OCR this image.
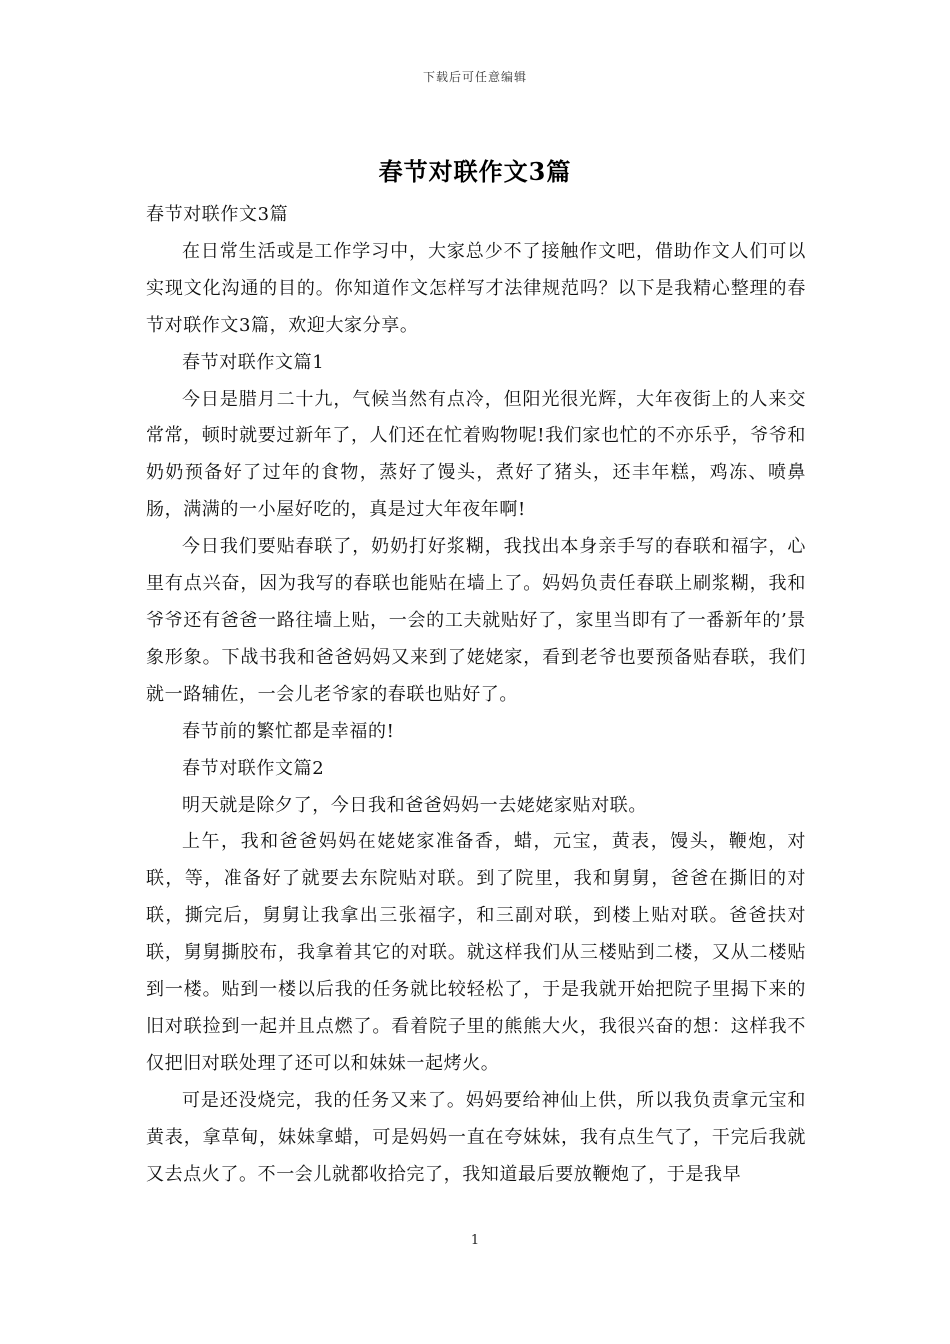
下载后可任意编辑
春节对联作文3篇

春节对联作文3篇

在日常生活或是工作学习中，大家总少不了接触作文吧，借助作文人们可以实现文化沟通的目的。你知道作文怎样写才法律规范吗？以下是我精心整理的春节对联作文3篇，欢迎大家分享。

春节对联作文篇1

今日是腊月二十九，气候当然有点冷，但阳光很光辉，大年夜街上的人来交常常，顿时就要过新年了，人们还在忙着购物呢!我们家也忙的不亦乐乎，爷爷和奶奶预备好了过年的食物，蒸好了馒头，煮好了猪头，还丰年糕，鸡冻、喷鼻肠，满满的一小屋好吃的，真是过大年夜年啊!

今日我们要贴春联了，奶奶打好浆糊，我找出本身亲手写的春联和福字，心里有点兴奋，因为我写的春联也能贴在墙上了。妈妈负责任春联上刷浆糊，我和爷爷还有爸爸一路往墙上贴，一会的工夫就贴好了，家里当即有了一番新年的’景象形象。下战书我和爸爸妈妈又来到了姥姥家，看到老爷也要预备贴春联，我们就一路辅佐，一会儿老爷家的春联也贴好了。

春节前的繁忙都是幸福的!

春节对联作文篇2

明天就是除夕了，今日我和爸爸妈妈一去姥姥家贴对联。

上午，我和爸爸妈妈在姥姥家准备香，蜡，元宝，黄表，馒头，鞭炮，对联，等，准备好了就要去东院贴对联。到了院里，我和舅舅，爸爸在撕旧的对联，撕完后，舅舅让我拿出三张福字，和三副对联，到楼上贴对联。爸爸扶对联，舅舅撕胶布，我拿着其它的对联。就这样我们从三楼贴到二楼，又从二楼贴到一楼。贴到一楼以后我的任务就比较轻松了，于是我就开始把院子里揭下来的旧对联捡到一起并且点燃了。看着院子里的熊熊大火，我很兴奋的想：这样我不仅把旧对联处理了还可以和妹妹一起烤火。

可是还没烧完，我的任务又来了。妈妈要给神仙上供，所以我负责拿元宝和黄表，拿草甸，妹妹拿蜡，可是妈妈一直在夸妹妹，我有点生气了，干完后我就又去点火了。不一会儿就都收拾完了，我知道最后要放鞭炮了，于是我早

1
